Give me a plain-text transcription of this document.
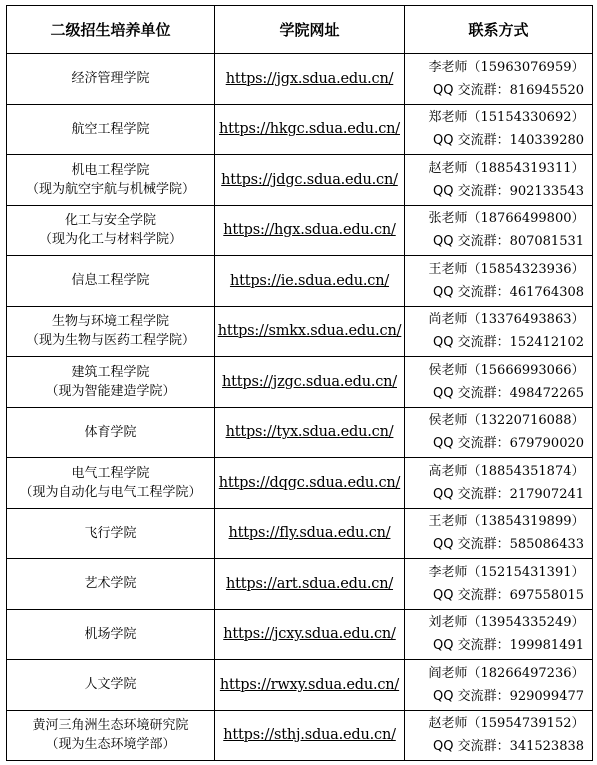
二级招生培养单位	学院网址	联系方式

经济管理学院	https://jgx.sdua.edu.cn/	李老师（15963076959）
QQ 交流群：816945520

航空工程学院	https://hkgc.sdua.edu.cn/	郑老师（15154330692）
QQ 交流群：140339280

机电工程学院
（现为航空宇航与机械学院）	https://jdgc.sdua.edu.cn/	赵老师（18854319311）
QQ 交流群：902133543

化工与安全学院
（现为化工与材料学院）	https://hgx.sdua.edu.cn/	张老师（18766499800）
QQ 交流群：807081531

信息工程学院	https://ie.sdua.edu.cn/	王老师（15854323936）
QQ 交流群：461764308

生物与环境工程学院
（现为生物与医药工程学院）	https://smkx.sdua.edu.cn/	尚老师（13376493863）
QQ 交流群：152412102

建筑工程学院
（现为智能建造学院）	https://jzgc.sdua.edu.cn/	侯老师（15666993066）
QQ 交流群：498472265

体育学院	https://tyx.sdua.edu.cn/	侯老师（13220716088）
QQ 交流群：679790020

电气工程学院
（现为自动化与电气工程学院）	https://dqgc.sdua.edu.cn/	高老师（18854351874）
QQ 交流群：217907241

飞行学院	https://fly.sdua.edu.cn/	王老师（13854319899）
QQ 交流群：585086433

艺术学院	https://art.sdua.edu.cn/	李老师（15215431391）
QQ 交流群：697558015

机场学院	https://jcxy.sdua.edu.cn/	刘老师（13954335249）
QQ 交流群：199981491

人文学院	https://rwxy.sdua.edu.cn/	阎老师（18266497236）
QQ 交流群：929099477

黄河三角洲生态环境研究院
（现为生态环境学部）	https://sthj.sdua.edu.cn/	赵老师（15954739152）
QQ 交流群：341523838
